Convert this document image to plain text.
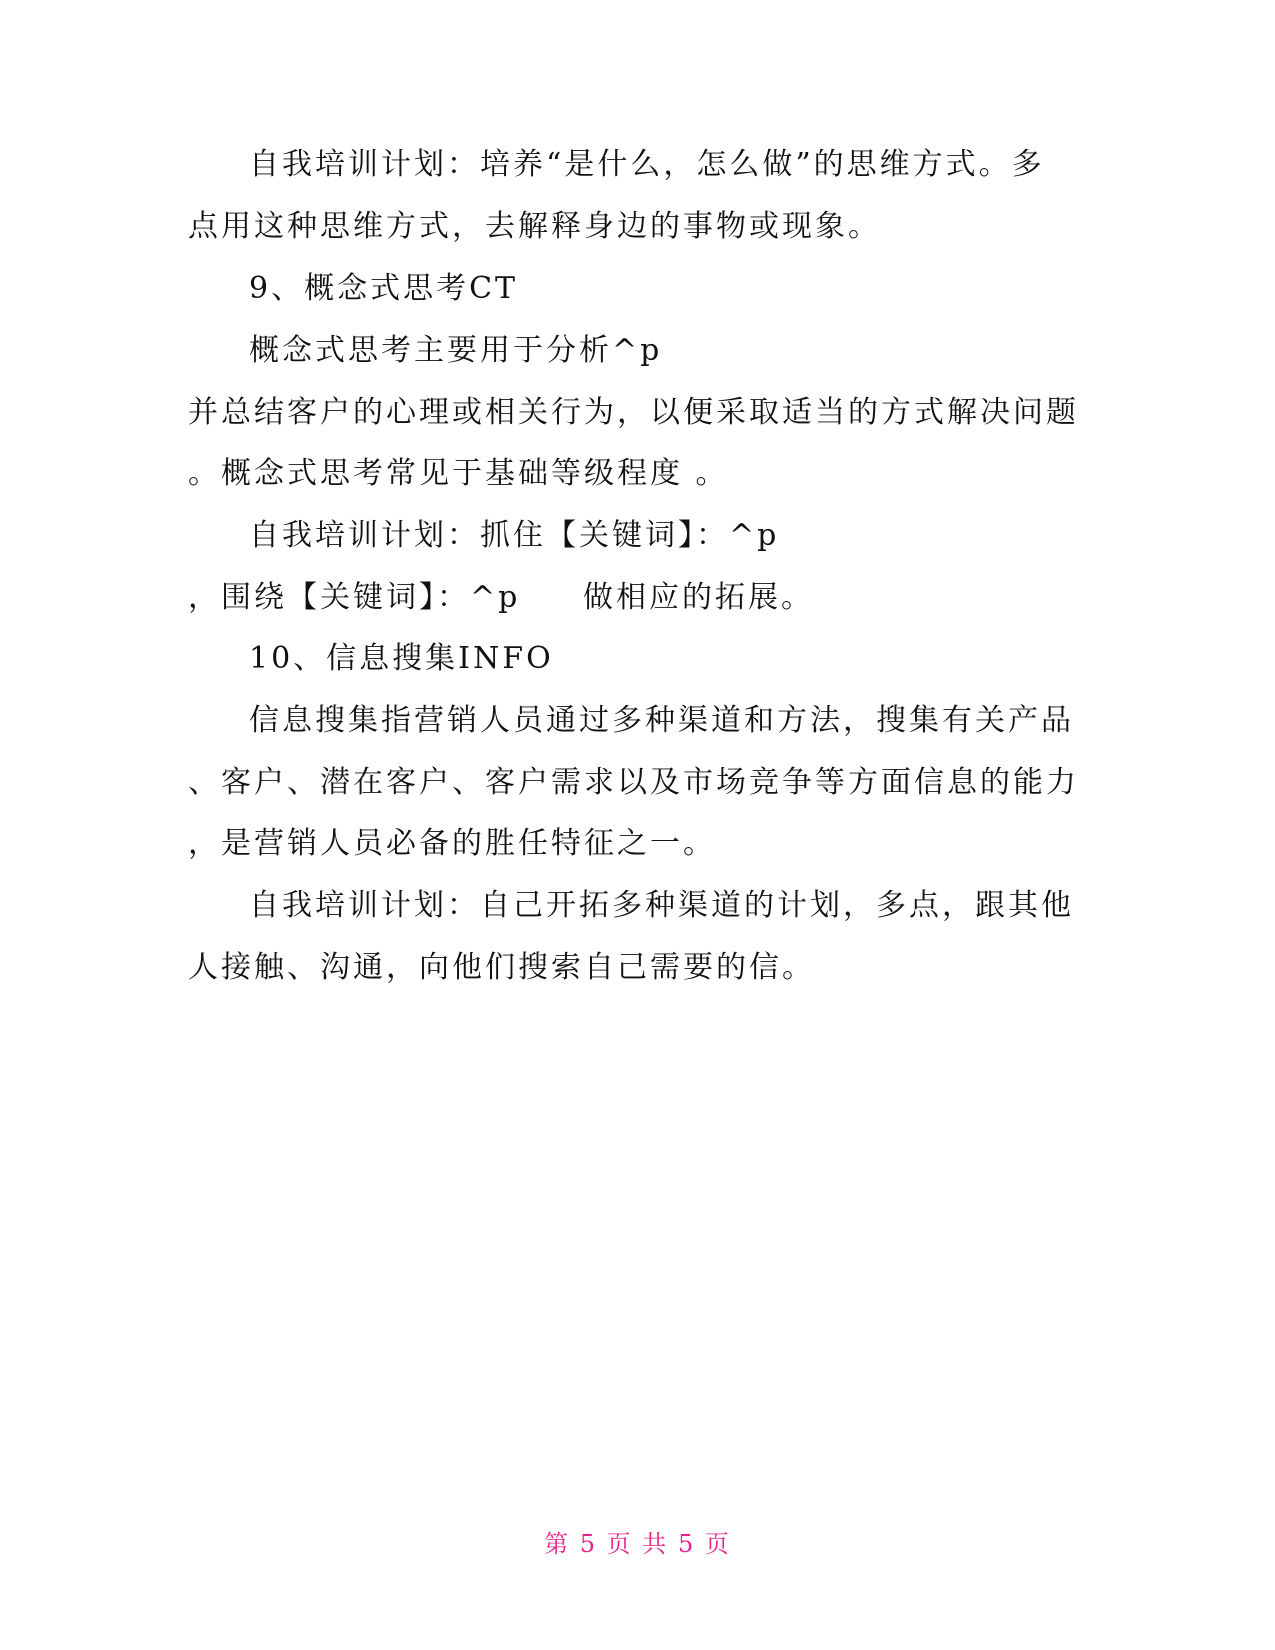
自我培训计划：培养“是什么，怎么做”的思维方式。多
点用这种思维方式，去解释身边的事物或现象。
9、概念式思考CT
概念式思考主要用于分析^p
并总结客户的心理或相关行为，以便采取适当的方式解决问题
。概念式思考常见于基础等级程度 。
自我培训计划：抓住【关键词】：^p
，围绕【关键词】：^p     做相应的拓展。
10、信息搜集INFO
信息搜集指营销人员通过多种渠道和方法，搜集有关产品
、客户、潜在客户、客户需求以及市场竞争等方面信息的能力
，是营销人员必备的胜任特征之一。
自我培训计划：自己开拓多种渠道的计划，多点，跟其他
人接触、沟通，向他们搜索自己需要的信。
第 5 页 共 5 页
